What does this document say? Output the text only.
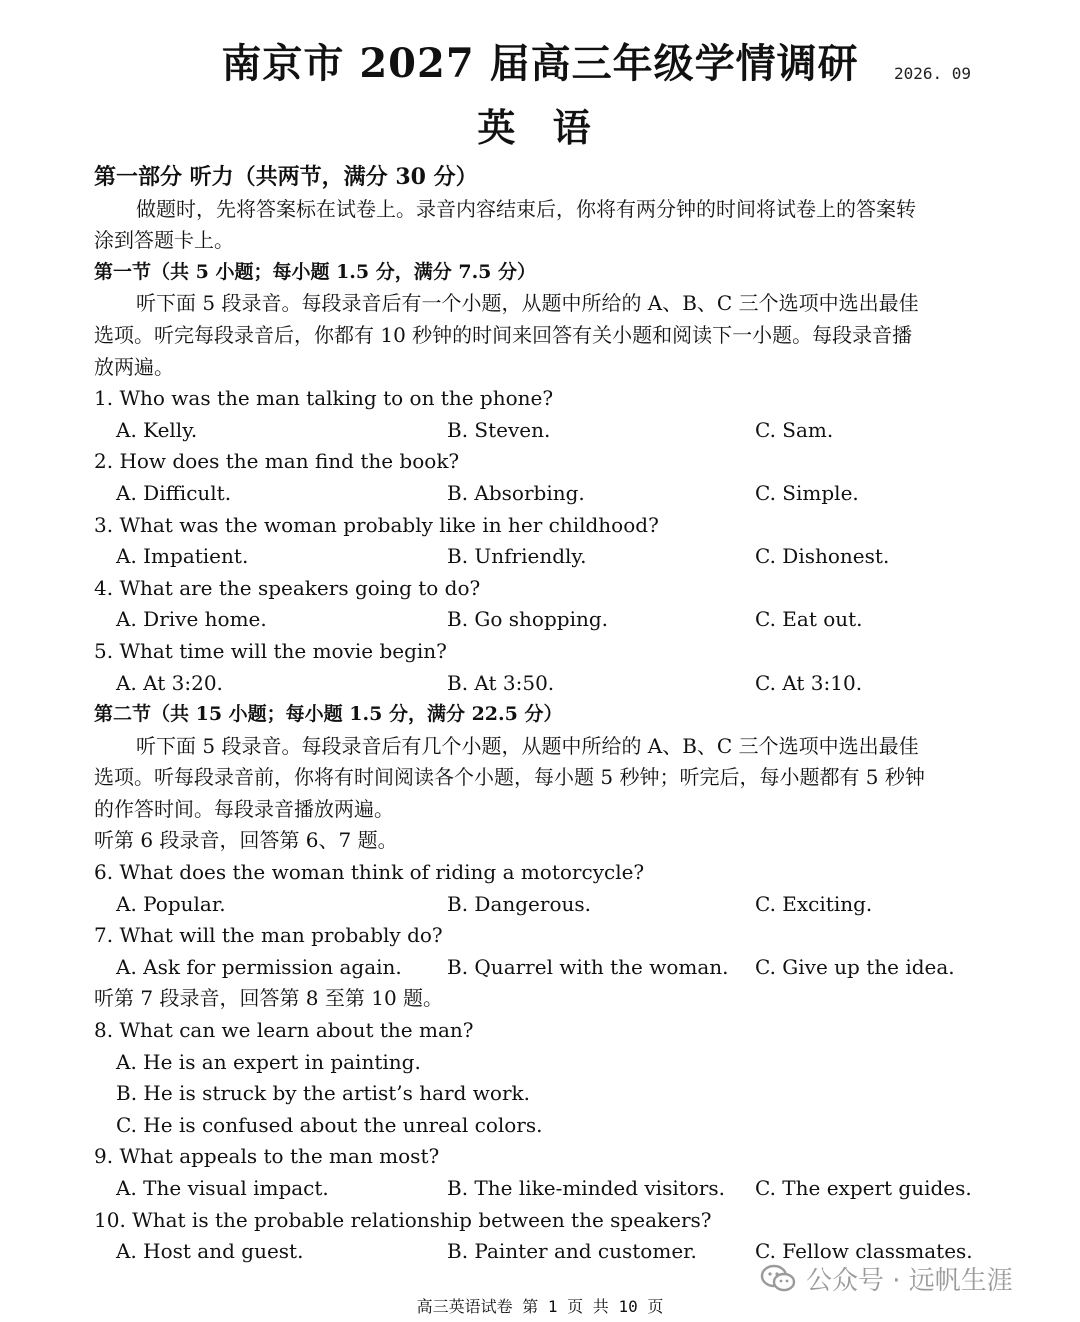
南京市 2027 届高三年级学情调研	2026. 09
英 语
第一部分 听力（共两节，满分 30 分）
做题时，先将答案标在试卷上。录音内容结束后，你将有两分钟的时间将试卷上的答案转
涂到答题卡上。
第一节（共 5 小题；每小题 1.5 分，满分 7.5 分）
听下面 5 段录音。每段录音后有一个小题，从题中所给的 A、B、C 三个选项中选出最佳
选项。听完每段录音后，你都有 10 秒钟的时间来回答有关小题和阅读下一小题。每段录音播
放两遍。
1. Who was the man talking to on the phone?
A. Kelly.	B. Steven.	C. Sam.
2. How does the man find the book?
A. Difficult.	B. Absorbing.	C. Simple.
3. What was the woman probably like in her childhood?
A. Impatient.	B. Unfriendly.	C. Dishonest.
4. What are the speakers going to do?
A. Drive home.	B. Go shopping.	C. Eat out.
5. What time will the movie begin?
A. At 3:20.	B. At 3:50.	C. At 3:10.
第二节（共 15 小题；每小题 1.5 分，满分 22.5 分）
听下面 5 段录音。每段录音后有几个小题，从题中所给的 A、B、C 三个选项中选出最佳
选项。听每段录音前，你将有时间阅读各个小题，每小题 5 秒钟；听完后，每小题都有 5 秒钟
的作答时间。每段录音播放两遍。
听第 6 段录音，回答第 6、7 题。
6. What does the woman think of riding a motorcycle?
A. Popular.	B. Dangerous.	C. Exciting.
7. What will the man probably do?
A. Ask for permission again. B. Quarrel with the woman. C. Give up the idea.
听第 7 段录音，回答第 8 至第 10 题。
8. What can we learn about the man?
A. He is an expert in painting.
B. He is struck by the artist’s hard work.
C. He is confused about the unreal colors.
9. What appeals to the man most?
A. The visual impact.	B. The like-minded visitors. C. The expert guides.
10. What is the probable relationship between the speakers?
A. Host and guest.	B. Painter and customer.	C. Fellow classmates.
公众号 · 远帆生涯
高三英语试卷 第 1 页 共 10 页
